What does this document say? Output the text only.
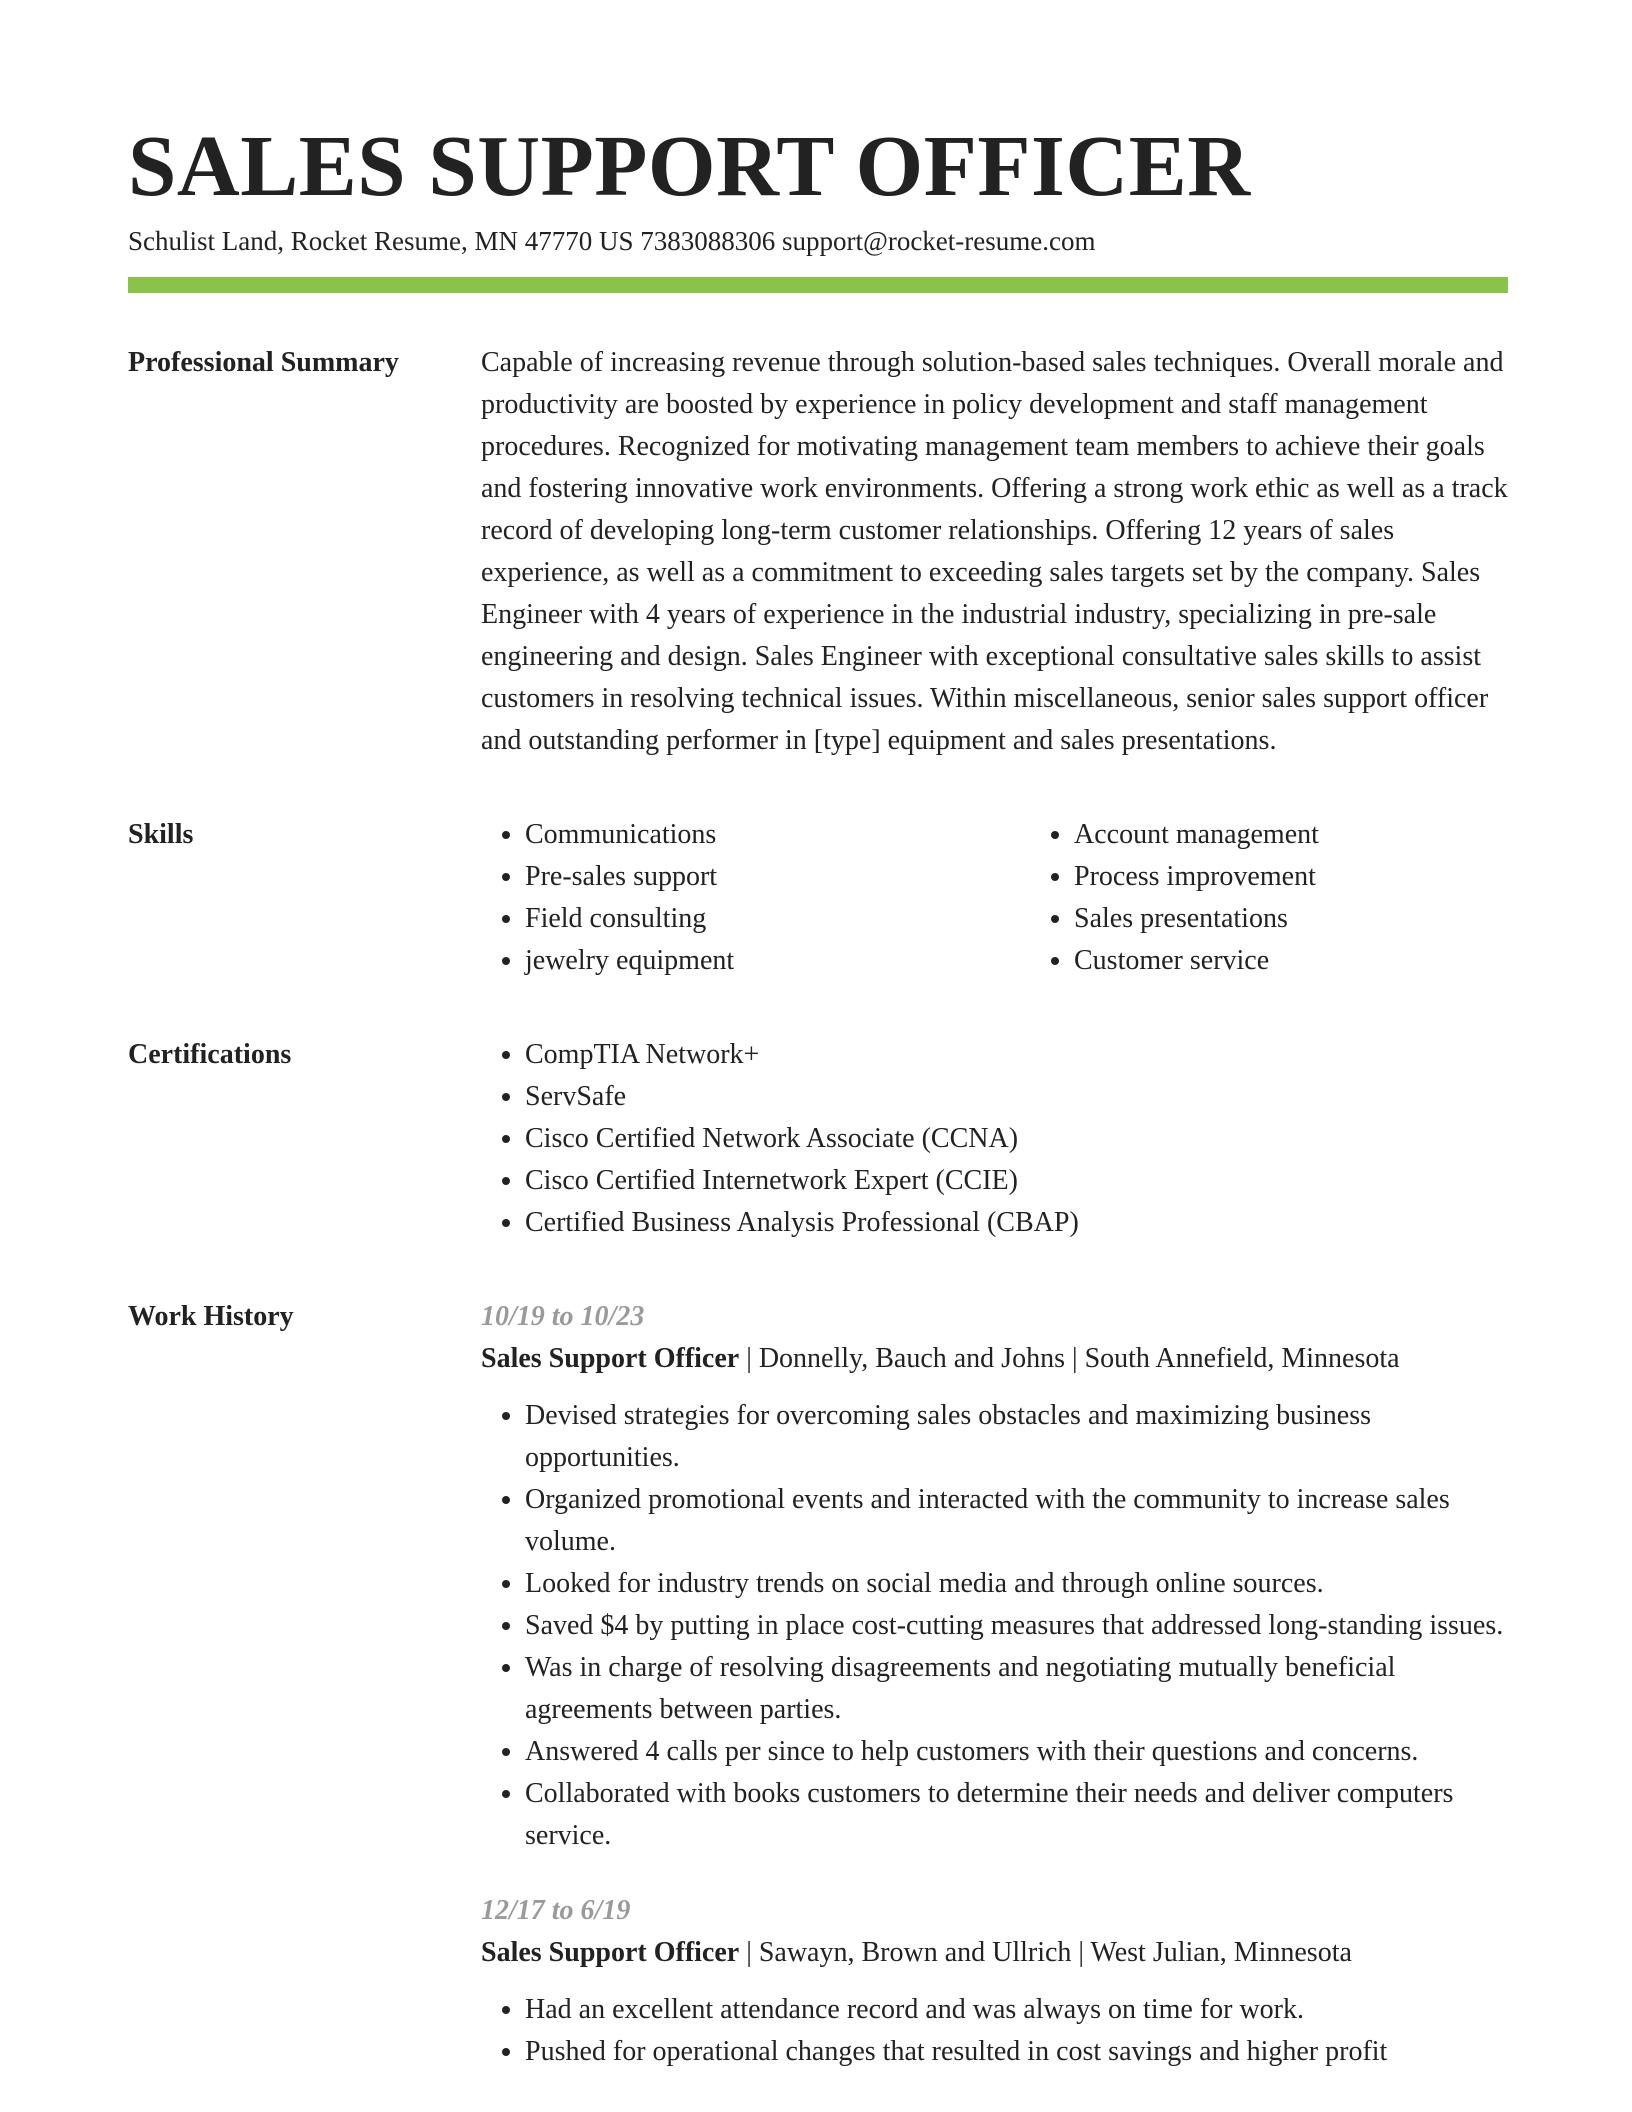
SALES SUPPORT OFFICER
Schulist Land, Rocket Resume, MN 47770 US 7383088306 support@rocket-resume.com
Professional Summary	Capable of increasing revenue through solution-based sales techniques. Overall morale and productivity are boosted by experience in policy development and staff management procedures. Recognized for motivating management team members to achieve their goals and fostering innovative work environments. Offering a strong work ethic as well as a track record of developing long-term customer relationships. Offering 12 years of sales experience, as well as a commitment to exceeding sales targets set by the company. Sales Engineer with 4 years of experience in the industrial industry, specializing in pre-sale engineering and design. Sales Engineer with exceptional consultative sales skills to assist customers in resolving technical issues. Within miscellaneous, senior sales support officer and outstanding performer in [type] equipment and sales presentations.

Skills	• Communications
• Pre-sales support
• Field consulting
• jewelry equipment
• Account management
• Process improvement
• Sales presentations
• Customer service
Certifications	• CompTIA Network+
• ServSafe
• Cisco Certified Network Associate (CCNA)
• Cisco Certified Internetwork Expert (CCIE)
• Certified Business Analysis Professional (CBAP)
Work History	10/19 to 10/23
Sales Support Officer | Donnelly, Bauch and Johns | South Annefield, Minnesota
• Devised strategies for overcoming sales obstacles and maximizing business opportunities.
• Organized promotional events and interacted with the community to increase sales volume.
• Looked for industry trends on social media and through online sources.
• Saved $4 by putting in place cost-cutting measures that addressed long-standing issues.
• Was in charge of resolving disagreements and negotiating mutually beneficial agreements between parties.
• Answered 4 calls per since to help customers with their questions and concerns.
• Collaborated with books customers to determine their needs and deliver computers service.
12/17 to 6/19
Sales Support Officer | Sawayn, Brown and Ullrich | West Julian, Minnesota
• Had an excellent attendance record and was always on time for work.
• Pushed for operational changes that resulted in cost savings and higher profit
